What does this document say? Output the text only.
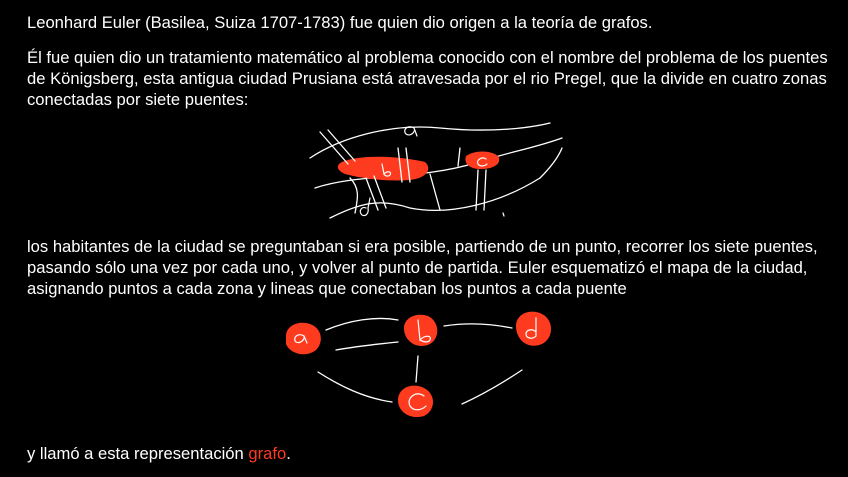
Leonhard Euler (Basilea, Suiza 1707-1783) fue quien dio origen a la teoría de grafos.

Él fue quien dio un tratamiento matemático al problema conocido con el nombre del problema de los puentes de Königsberg, esta antigua ciudad Prusiana está atravesada por el rio Pregel, que la divide en cuatro zonas conectadas por siete puentes:

los habitantes de la ciudad se preguntaban si era posible, partiendo de un punto, recorrer los siete puentes, pasando sólo una vez por cada uno, y volver al punto de partida. Euler esquematizó el mapa de la ciudad, asignando puntos a cada zona y lineas que conectaban los puntos a cada puente

y llamó a esta representación grafo.
